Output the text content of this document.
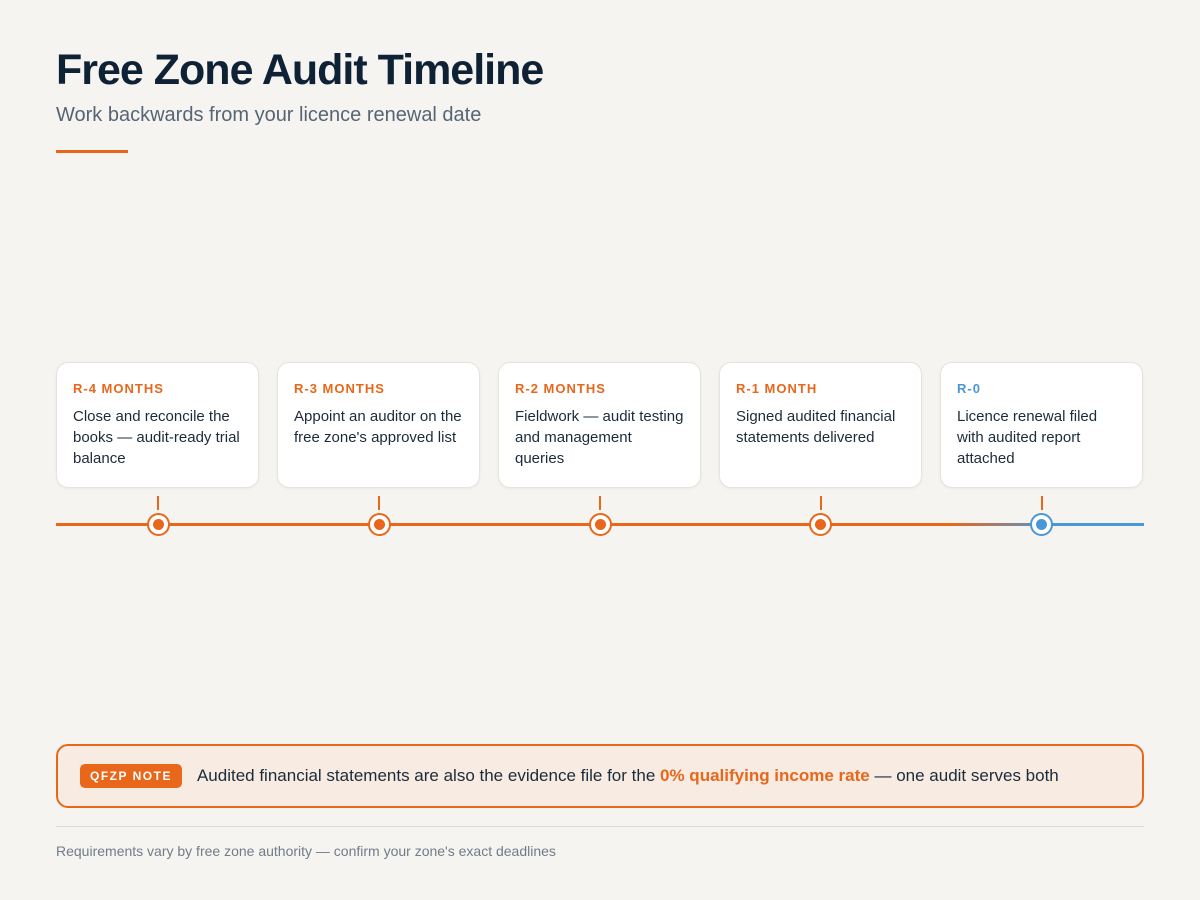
Free Zone Audit Timeline

Work backwards from your licence renewal date

R-4 MONTHS
Close and reconcile the books — audit-ready trial balance
R-3 MONTHS
Appoint an auditor on the free zone's approved list
R-2 MONTHS
Fieldwork — audit testing and management queries
R-1 MONTH
Signed audited financial statements delivered
R-0
Licence renewal filed with audited report attached
QFZP NOTE	Audited financial statements are also the evidence file for the 0% qualifying income rate — one audit serves both

Requirements vary by free zone authority — confirm your zone's exact deadlines
